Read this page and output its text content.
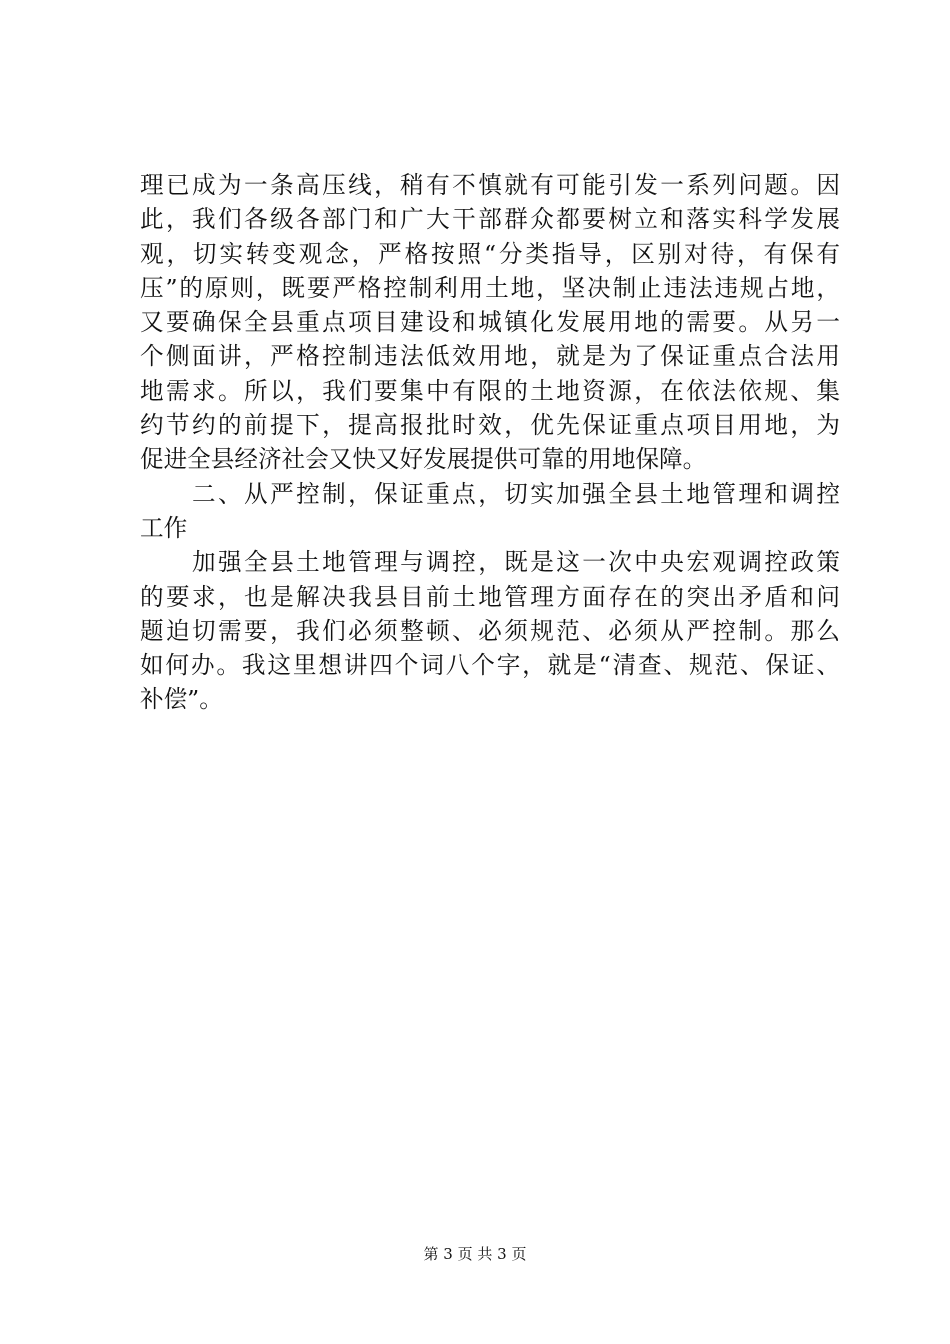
理已成为一条高压线，稍有不慎就有可能引发一系列问题。因
此，我们各级各部门和广大干部群众都要树立和落实科学发展
观，切实转变观念，严格按照“分类指导，区别对待，有保有
压”的原则，既要严格控制利用土地，坚决制止违法违规占地，
又要确保全县重点项目建设和城镇化发展用地的需要。从另一
个侧面讲，严格控制违法低效用地，就是为了保证重点合法用
地需求。所以，我们要集中有限的土地资源，在依法依规、集
约节约的前提下，提高报批时效，优先保证重点项目用地，为
促进全县经济社会又快又好发展提供可靠的用地保障。
　　二、从严控制，保证重点，切实加强全县土地管理和调控
工作
　　加强全县土地管理与调控，既是这一次中央宏观调控政策
的要求，也是解决我县目前土地管理方面存在的突出矛盾和问
题迫切需要，我们必须整顿、必须规范、必须从严控制。那么
如何办。我这里想讲四个词八个字，就是“清查、规范、保证、
补偿”。
第 3 页 共 3 页
